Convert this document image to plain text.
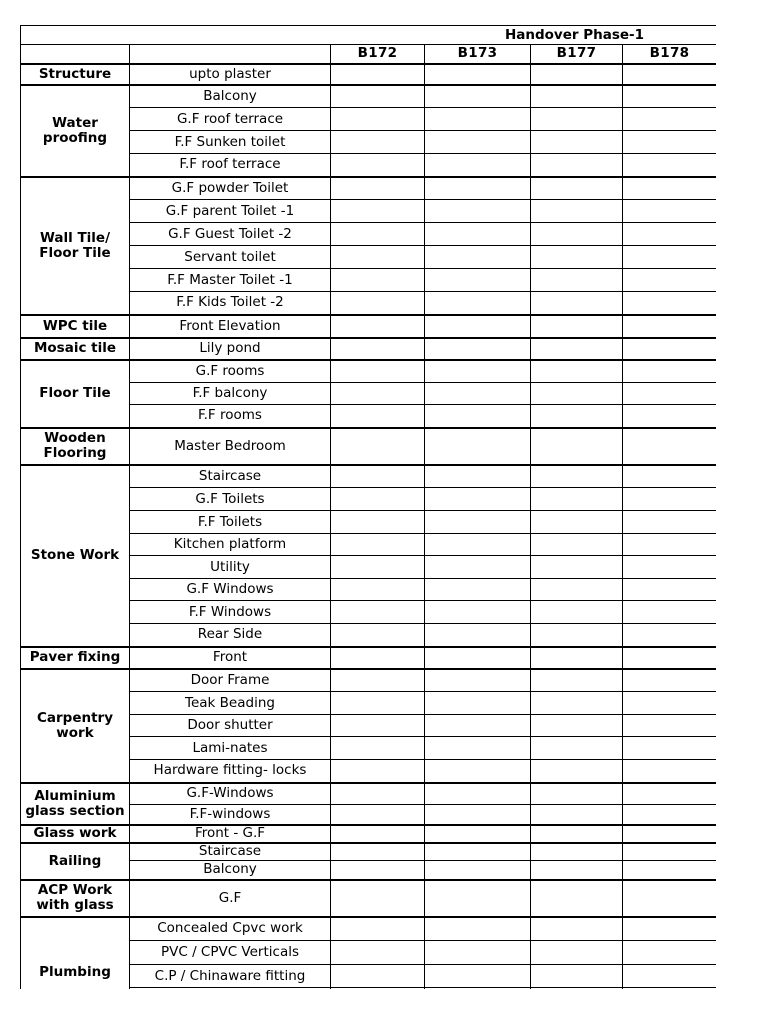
Handover Phase-1					
		B172	B173	B177	B178
Structure	upto plaster				
Water proofing	Balcony				
	G.F roof terrace				
	F.F Sunken toilet				
	F.F roof terrace				
Wall Tile/ Floor Tile	G.F powder Toilet				
	G.F parent Toilet -1				
	G.F Guest Toilet -2				
	Servant toilet				
	F.F Master Toilet -1				
	F.F Kids Toilet -2				
WPC tile	Front Elevation				
Mosaic tile	Lily pond				
Floor Tile	G.F rooms				
	F.F balcony				
	F.F rooms				
Wooden Flooring	Master Bedroom				
Stone Work	Staircase				
	G.F Toilets				
	F.F Toilets				
	Kitchen platform				
	Utility				
	G.F Windows				
	F.F Windows				
	Rear Side				
Paver fixing	Front				
Carpentry work	Door Frame				
	Teak Beading				
	Door shutter				
	Lami-nates				
	Hardware fitting- locks				
Aluminium glass section	G.F-Windows				
	F.F-windows				
Glass work	Front - G.F				
Railing	Staircase				
	Balcony				
ACP Work with glass	G.F				
Plumbing	Concealed Cpvc work				
	PVC / CPVC Verticals				
	C.P / Chinaware fitting				
